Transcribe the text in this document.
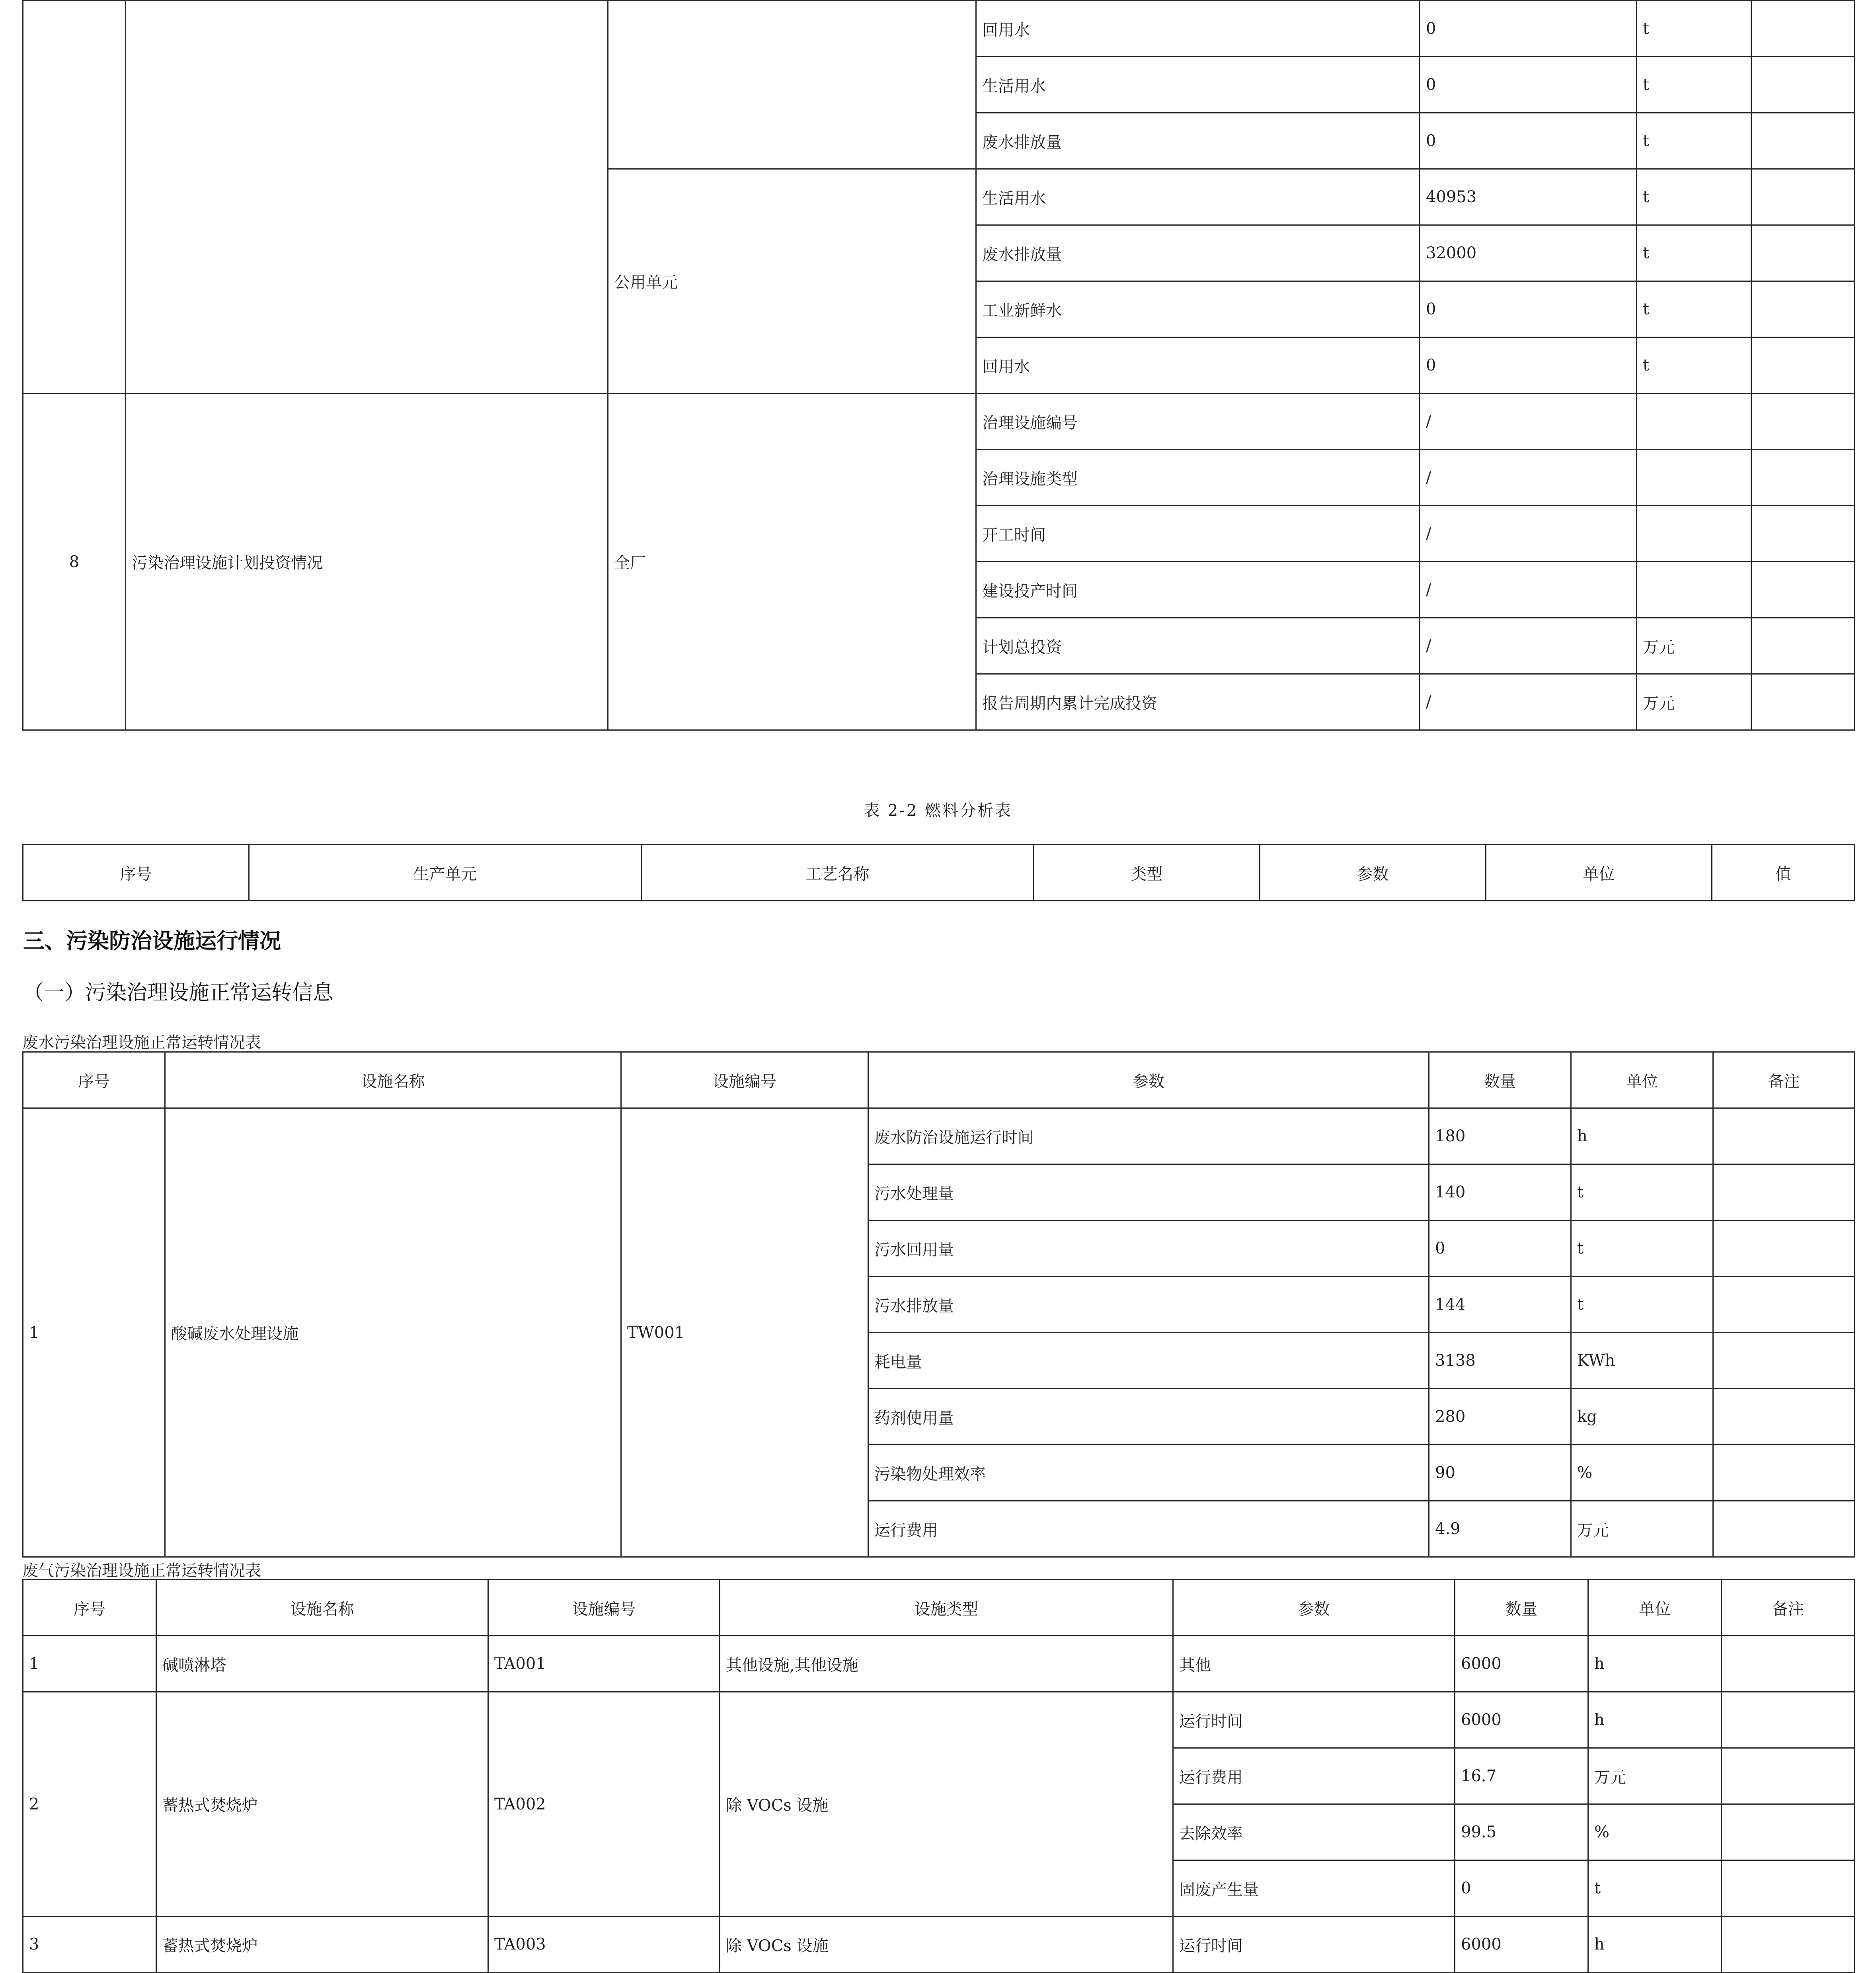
			回用水	0	t	
			生活用水	0	t	
			废水排放量	0	t	
		公用单元	生活用水	40953	t	
			废水排放量	32000	t	
			工业新鲜水	0	t	
			回用水	0	t	
8	污染治理设施计划投资情况	全厂	治理设施编号	/		
			治理设施类型	/		
			开工时间	/		
			建设投产时间	/		
			计划总投资	/	万元	
			报告周期内累计完成投资	/	万元	
表 2-2 燃料分析表
序号	生产单元	工艺名称	类型	参数	单位	值
三、污染防治设施运行情况
（一）污染治理设施正常运转信息
废水污染治理设施正常运转情况表
序号	设施名称	设施编号	参数	数量	单位	备注
1	酸碱废水处理设施	TW001	废水防治设施运行时间	180	h	
			污水处理量	140	t	
			污水回用量	0	t	
			污水排放量	144	t	
			耗电量	3138	KWh	
			药剂使用量	280	kg	
			污染物处理效率	90	%	
			运行费用	4.9	万元	
废气污染治理设施正常运转情况表
序号	设施名称	设施编号	设施类型	参数	数量	单位	备注
1	碱喷淋塔	TA001	其他设施,其他设施	其他	6000	h	
2	蓄热式焚烧炉	TA002	除 VOCs 设施	运行时间	6000	h	
				运行费用	16.7	万元	
				去除效率	99.5	%	
				固废产生量	0	t	
3	蓄热式焚烧炉	TA003	除 VOCs 设施	运行时间	6000	h	
